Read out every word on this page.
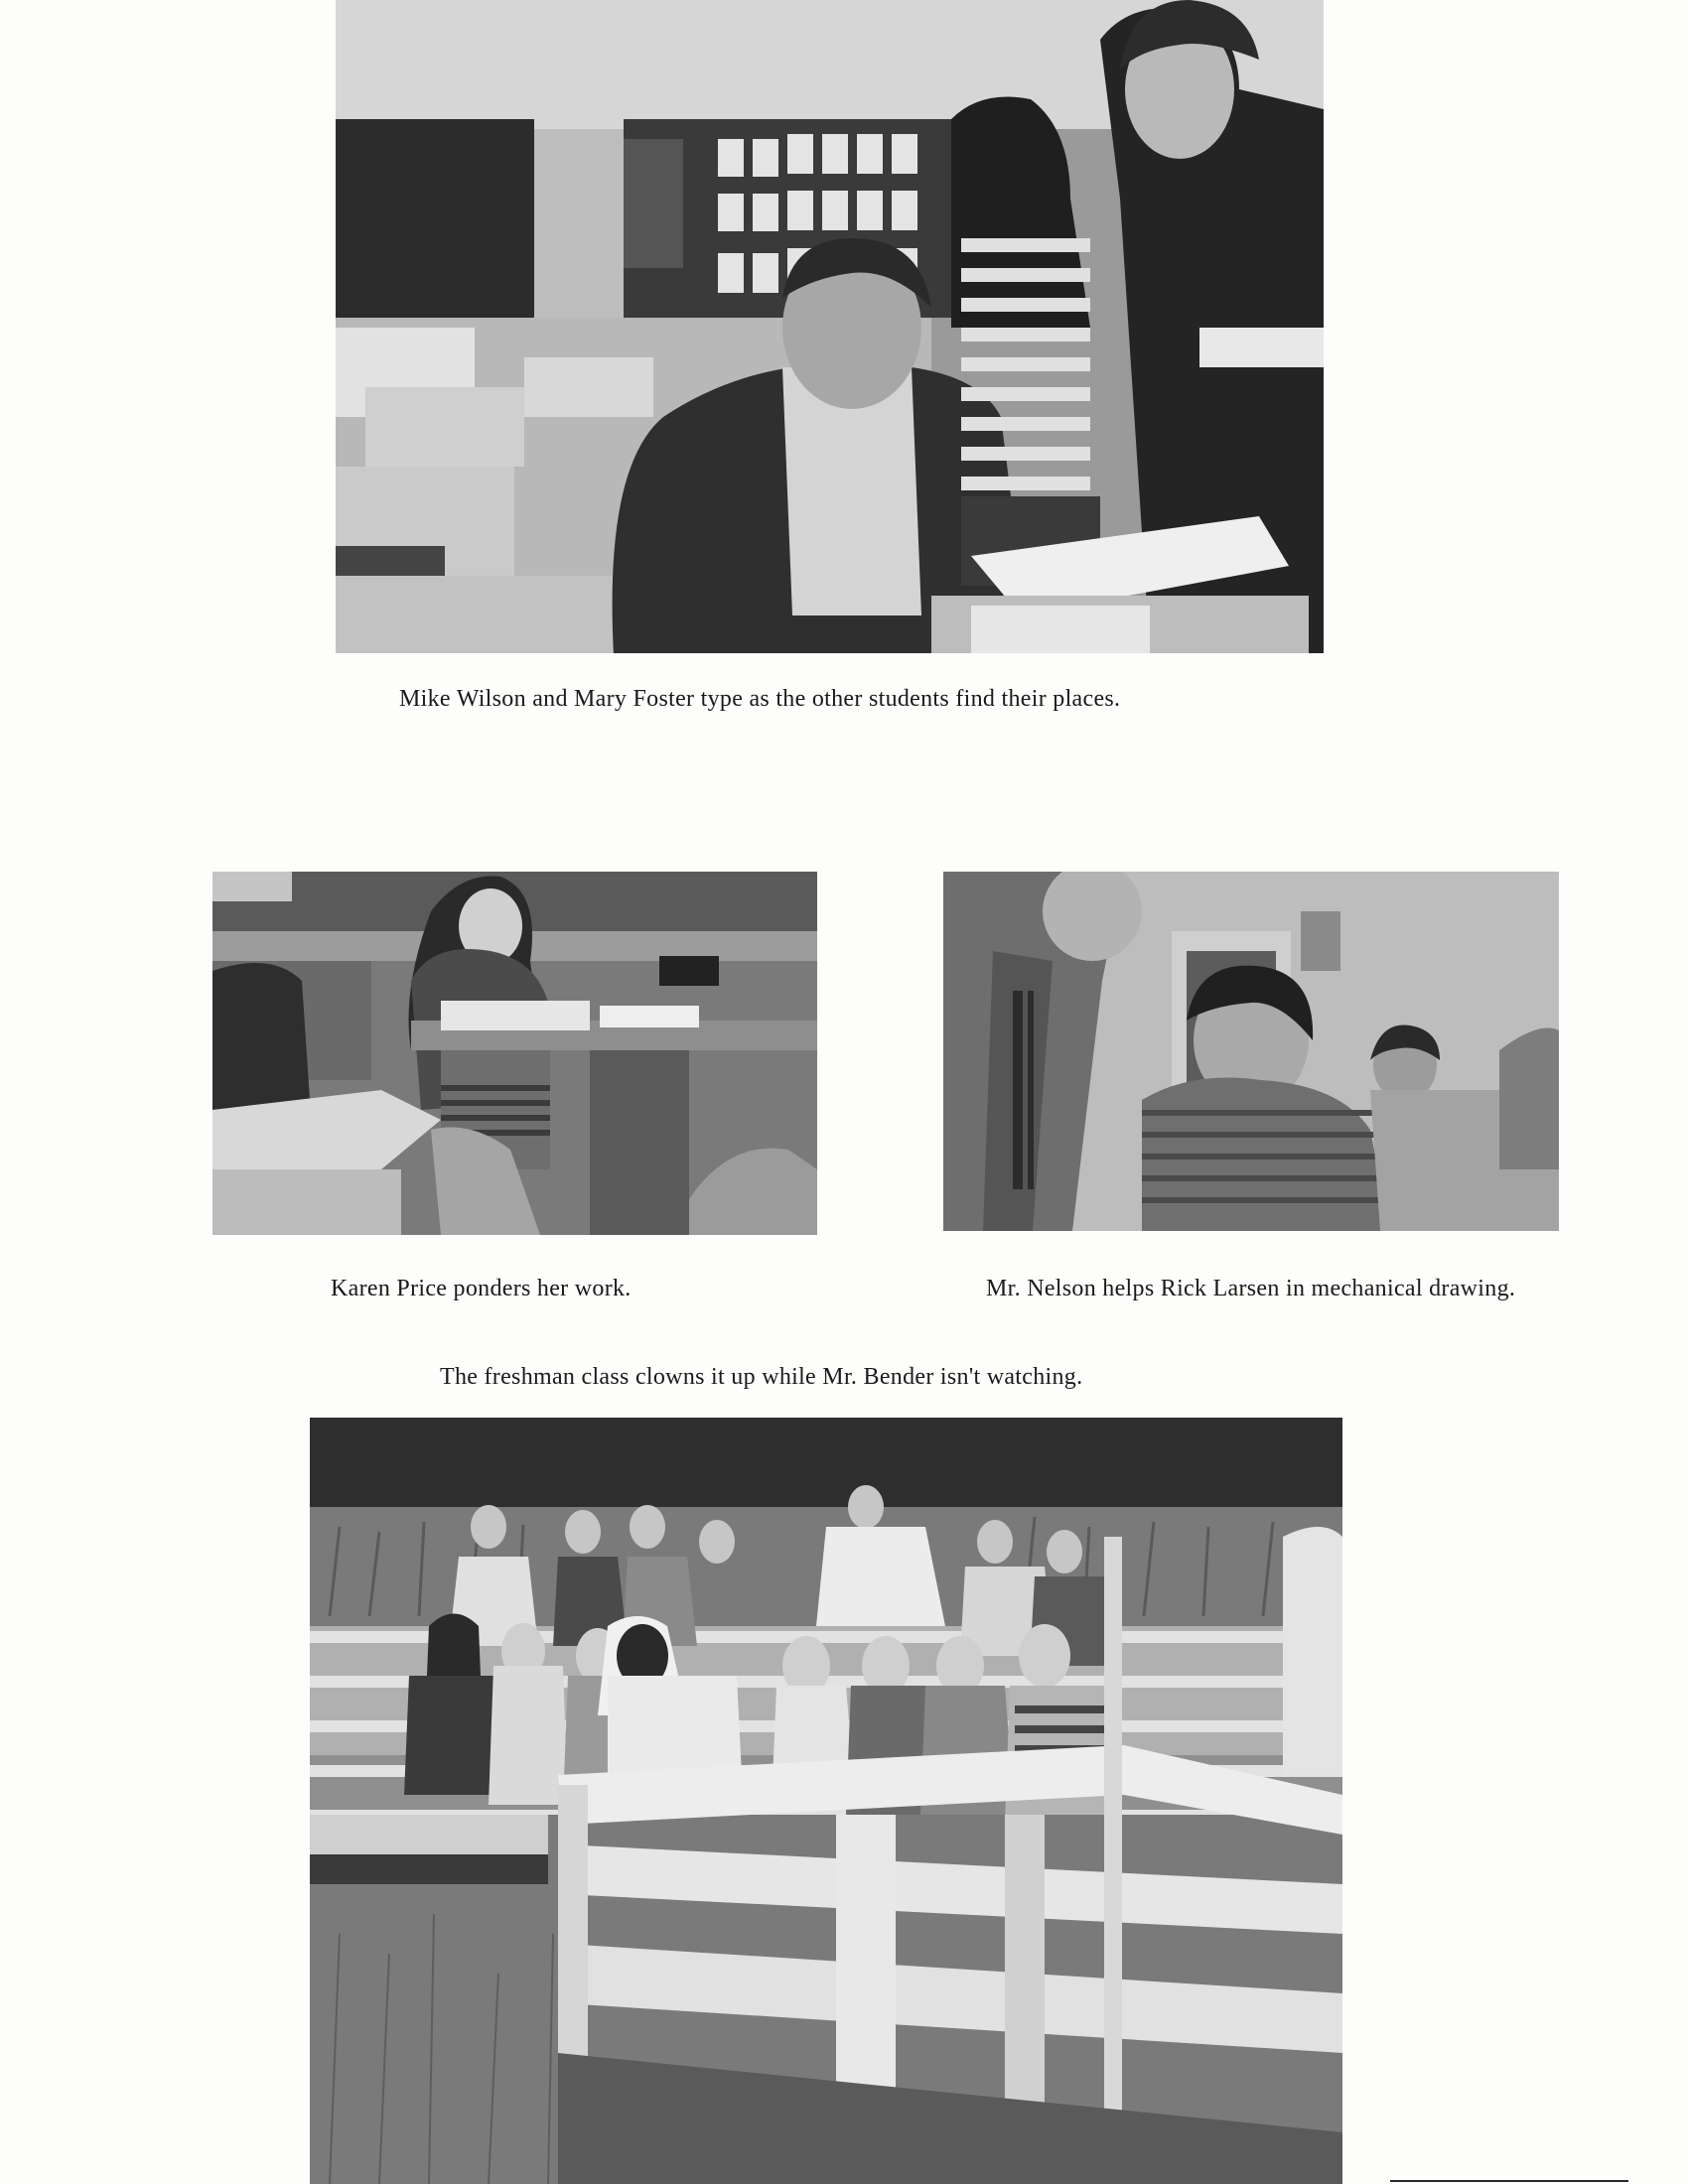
Mike Wilson and Mary Foster type as the other students find their places.
Karen Price ponders her work.	Mr. Nelson helps Rick Larsen in mechanical drawing.
The freshman class clowns it up while Mr. Bender isn't watching.
